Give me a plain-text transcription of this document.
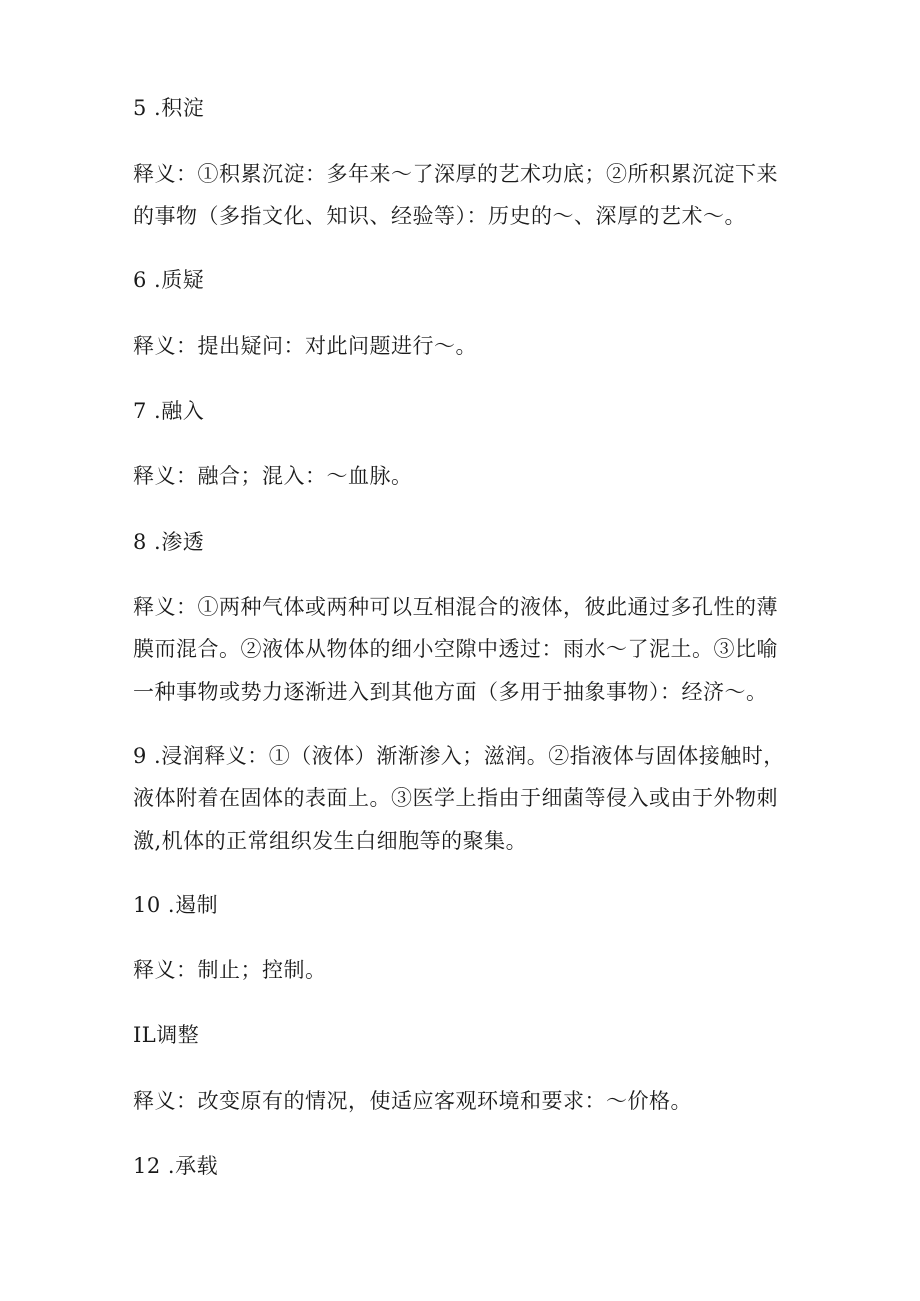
5 .积淀
释义：①积累沉淀：多年来～了深厚的艺术功底；②所积累沉淀下来
的事物（多指文化、知识、经验等）：历史的～、深厚的艺术～。
6 .质疑
释义：提出疑问：对此问题进行～。
7 .融入
释义：融合；混入：～血脉。
8 .渗透
释义：①两种气体或两种可以互相混合的液体，彼此通过多孔性的薄
膜而混合。②液体从物体的细小空隙中透过：雨水～了泥土。③比喻
一种事物或势力逐渐进入到其他方面（多用于抽象事物）：经济～。
9 .浸润释义：①（液体）渐渐渗入；滋润。②指液体与固体接触时，
液体附着在固体的表面上。③医学上指由于细菌等侵入或由于外物刺
激,机体的正常组织发生白细胞等的聚集。
10 .遏制
释义：制止；控制。
IL调整
释义：改变原有的情况，使适应客观环境和要求：～价格。
12 .承载
